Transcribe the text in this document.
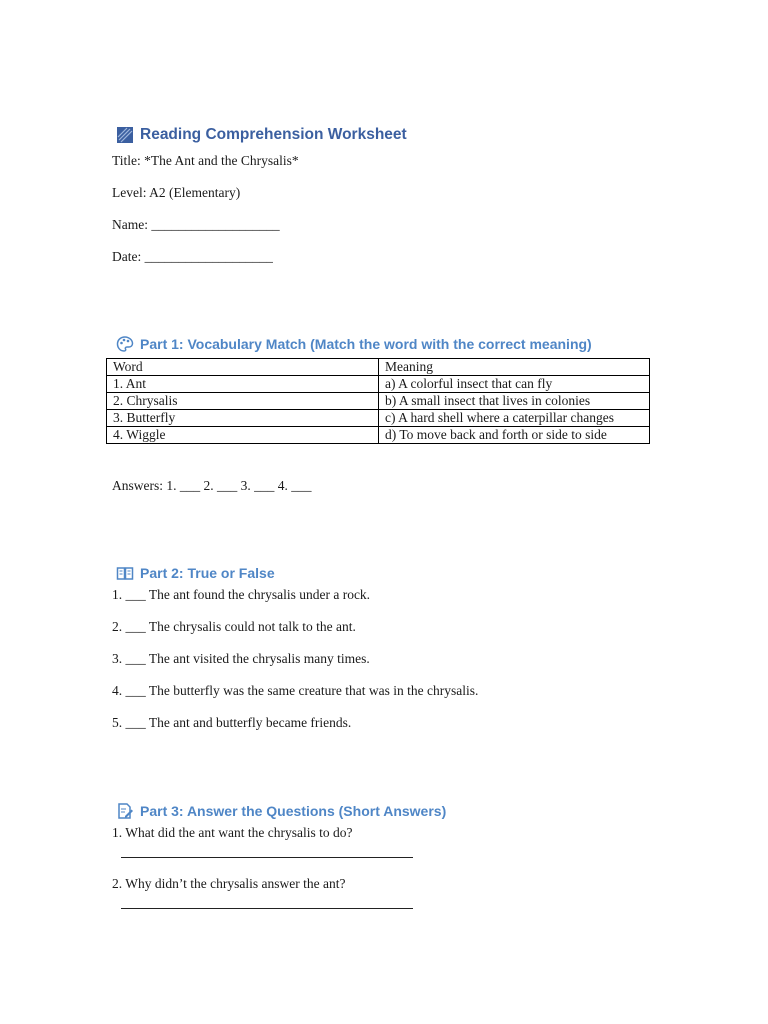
Reading Comprehension Worksheet
Title: *The Ant and the Chrysalis*
Level: A2 (Elementary)
Name: ___________________
Date: ___________________
Part 1: Vocabulary Match (Match the word with the correct meaning)
Word	Meaning
1. Ant	a) A colorful insect that can fly
2. Chrysalis	b) A small insect that lives in colonies
3. Butterfly	c) A hard shell where a caterpillar changes
4. Wiggle	d) To move back and forth or side to side
Answers: 1. ___ 2. ___ 3. ___ 4. ___
Part 2: True or False
1. ___ The ant found the chrysalis under a rock.
2. ___ The chrysalis could not talk to the ant.
3. ___ The ant visited the chrysalis many times.
4. ___ The butterfly was the same creature that was in the chrysalis.
5. ___ The ant and butterfly became friends.
Part 3: Answer the Questions (Short Answers)
1. What did the ant want the chrysalis to do?
2. Why didn’t the chrysalis answer the ant?
